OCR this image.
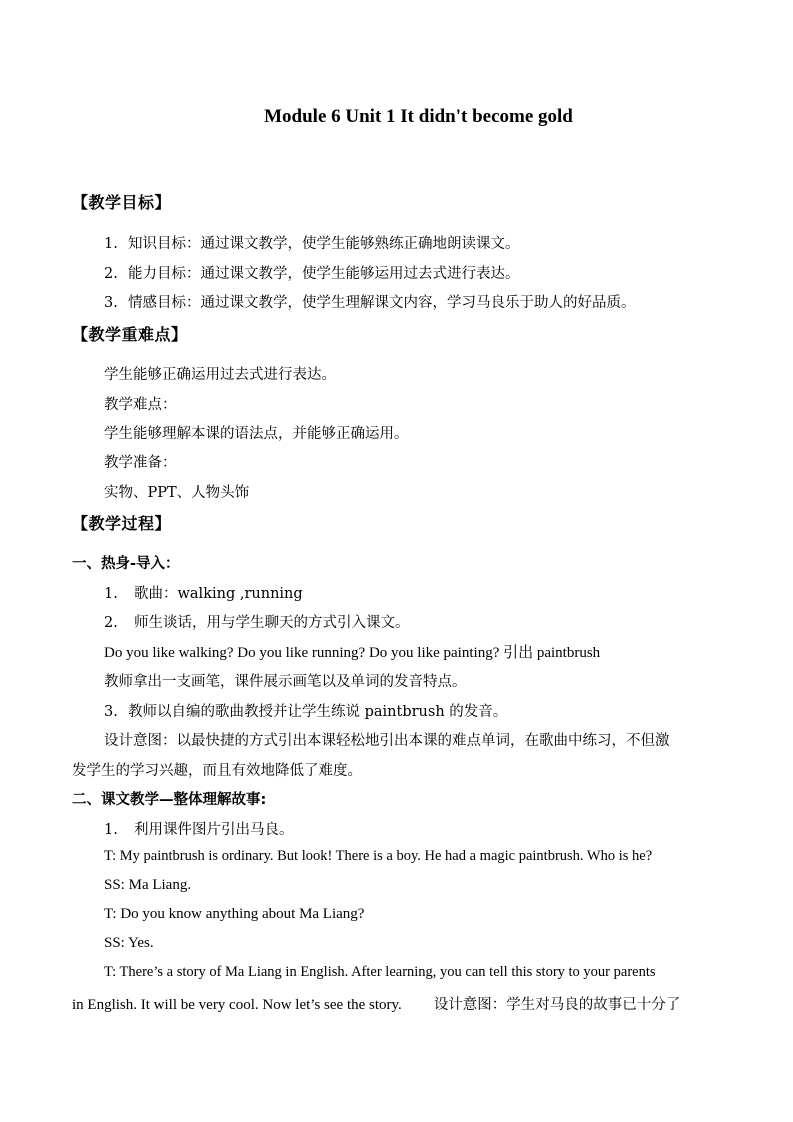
Module 6 Unit 1 It didn't become gold
【教学目标】
1. 知识目标：通过课文教学，使学生能够熟练正确地朗读课文。
2. 能力目标：通过课文教学，使学生能够运用过去式进行表达。
3. 情感目标：通过课文教学，使学生理解课文内容，学习马良乐于助人的好品质。
【教学重难点】
学生能够正确运用过去式进行表达。
教学难点：
学生能够理解本课的语法点，并能够正确运用。
教学准备：
实物、PPT、人物头饰
【教学过程】
一、热身-导入：
1. 歌曲：walking ,running
2. 师生谈话，用与学生聊天的方式引入课文。
Do you like walking? Do you like running? Do you like painting? 引出 paintbrush
教师拿出一支画笔，课件展示画笔以及单词的发音特点。
3. 教师以自编的歌曲教授并让学生练说 paintbrush 的发音。
设计意图：以最快捷的方式引出本课轻松地引出本课的难点单词，在歌曲中练习，不但激
发学生的学习兴趣，而且有效地降低了难度。
二、课文教学—整体理解故事:
1. 利用课件图片引出马良。
T: My paintbrush is ordinary. But look! There is a boy. He had a magic paintbrush. Who is he?
SS: Ma Liang.
T: Do you know anything about Ma Liang?
SS: Yes.
T: There’s a story of Ma Liang in English. After learning, you can tell this story to your parents
in English. It will be very cool. Now let’s see the story. 设计意图：学生对马良的故事已十分了
